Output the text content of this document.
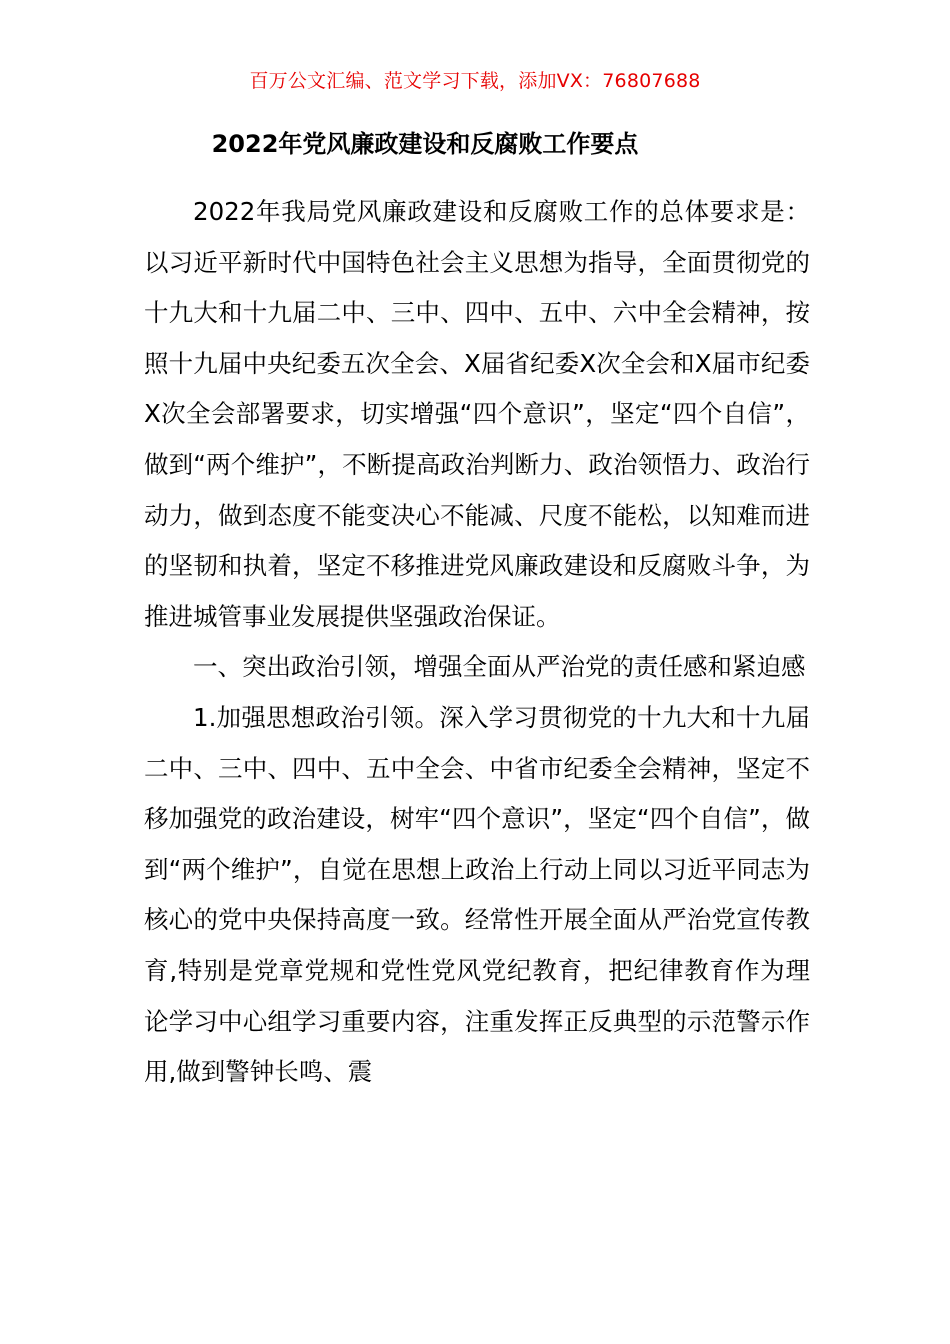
百万公文汇编、范文学习下载，添加VX：76807688
2022年党风廉政建设和反腐败工作要点

2022年我局党风廉政建设和反腐败工作的总体要求是：以习近平新时代中国特色社会主义思想为指导，全面贯彻党的十九大和十九届二中、三中、四中、五中、六中全会精神，按照十九届中央纪委五次全会、X届省纪委X次全会和X届市纪委X次全会部署要求，切实增强“四个意识”，坚定“四个自信”，做到“两个维护”，不断提高政治判断力、政治领悟力、政治行动力，做到态度不能变决心不能减、尺度不能松，以知难而进的坚韧和执着，坚定不移推进党风廉政建设和反腐败斗争，为推进城管事业发展提供坚强政治保证。

一、突出政治引领，增强全面从严治党的责任感和紧迫感

1.加强思想政治引领。深入学习贯彻党的十九大和十九届二中、三中、四中、五中全会、中省市纪委全会精神，坚定不移加强党的政治建设，树牢“四个意识”，坚定“四个自信”，做到“两个维护”，自觉在思想上政治上行动上同以习近平同志为核心的党中央保持高度一致。经常性开展全面从严治党宣传教育,特别是党章党规和党性党风党纪教育，把纪律教育作为理论学习中心组学习重要内容，注重发挥正反典型的示范警示作用,做到警钟长鸣、震
